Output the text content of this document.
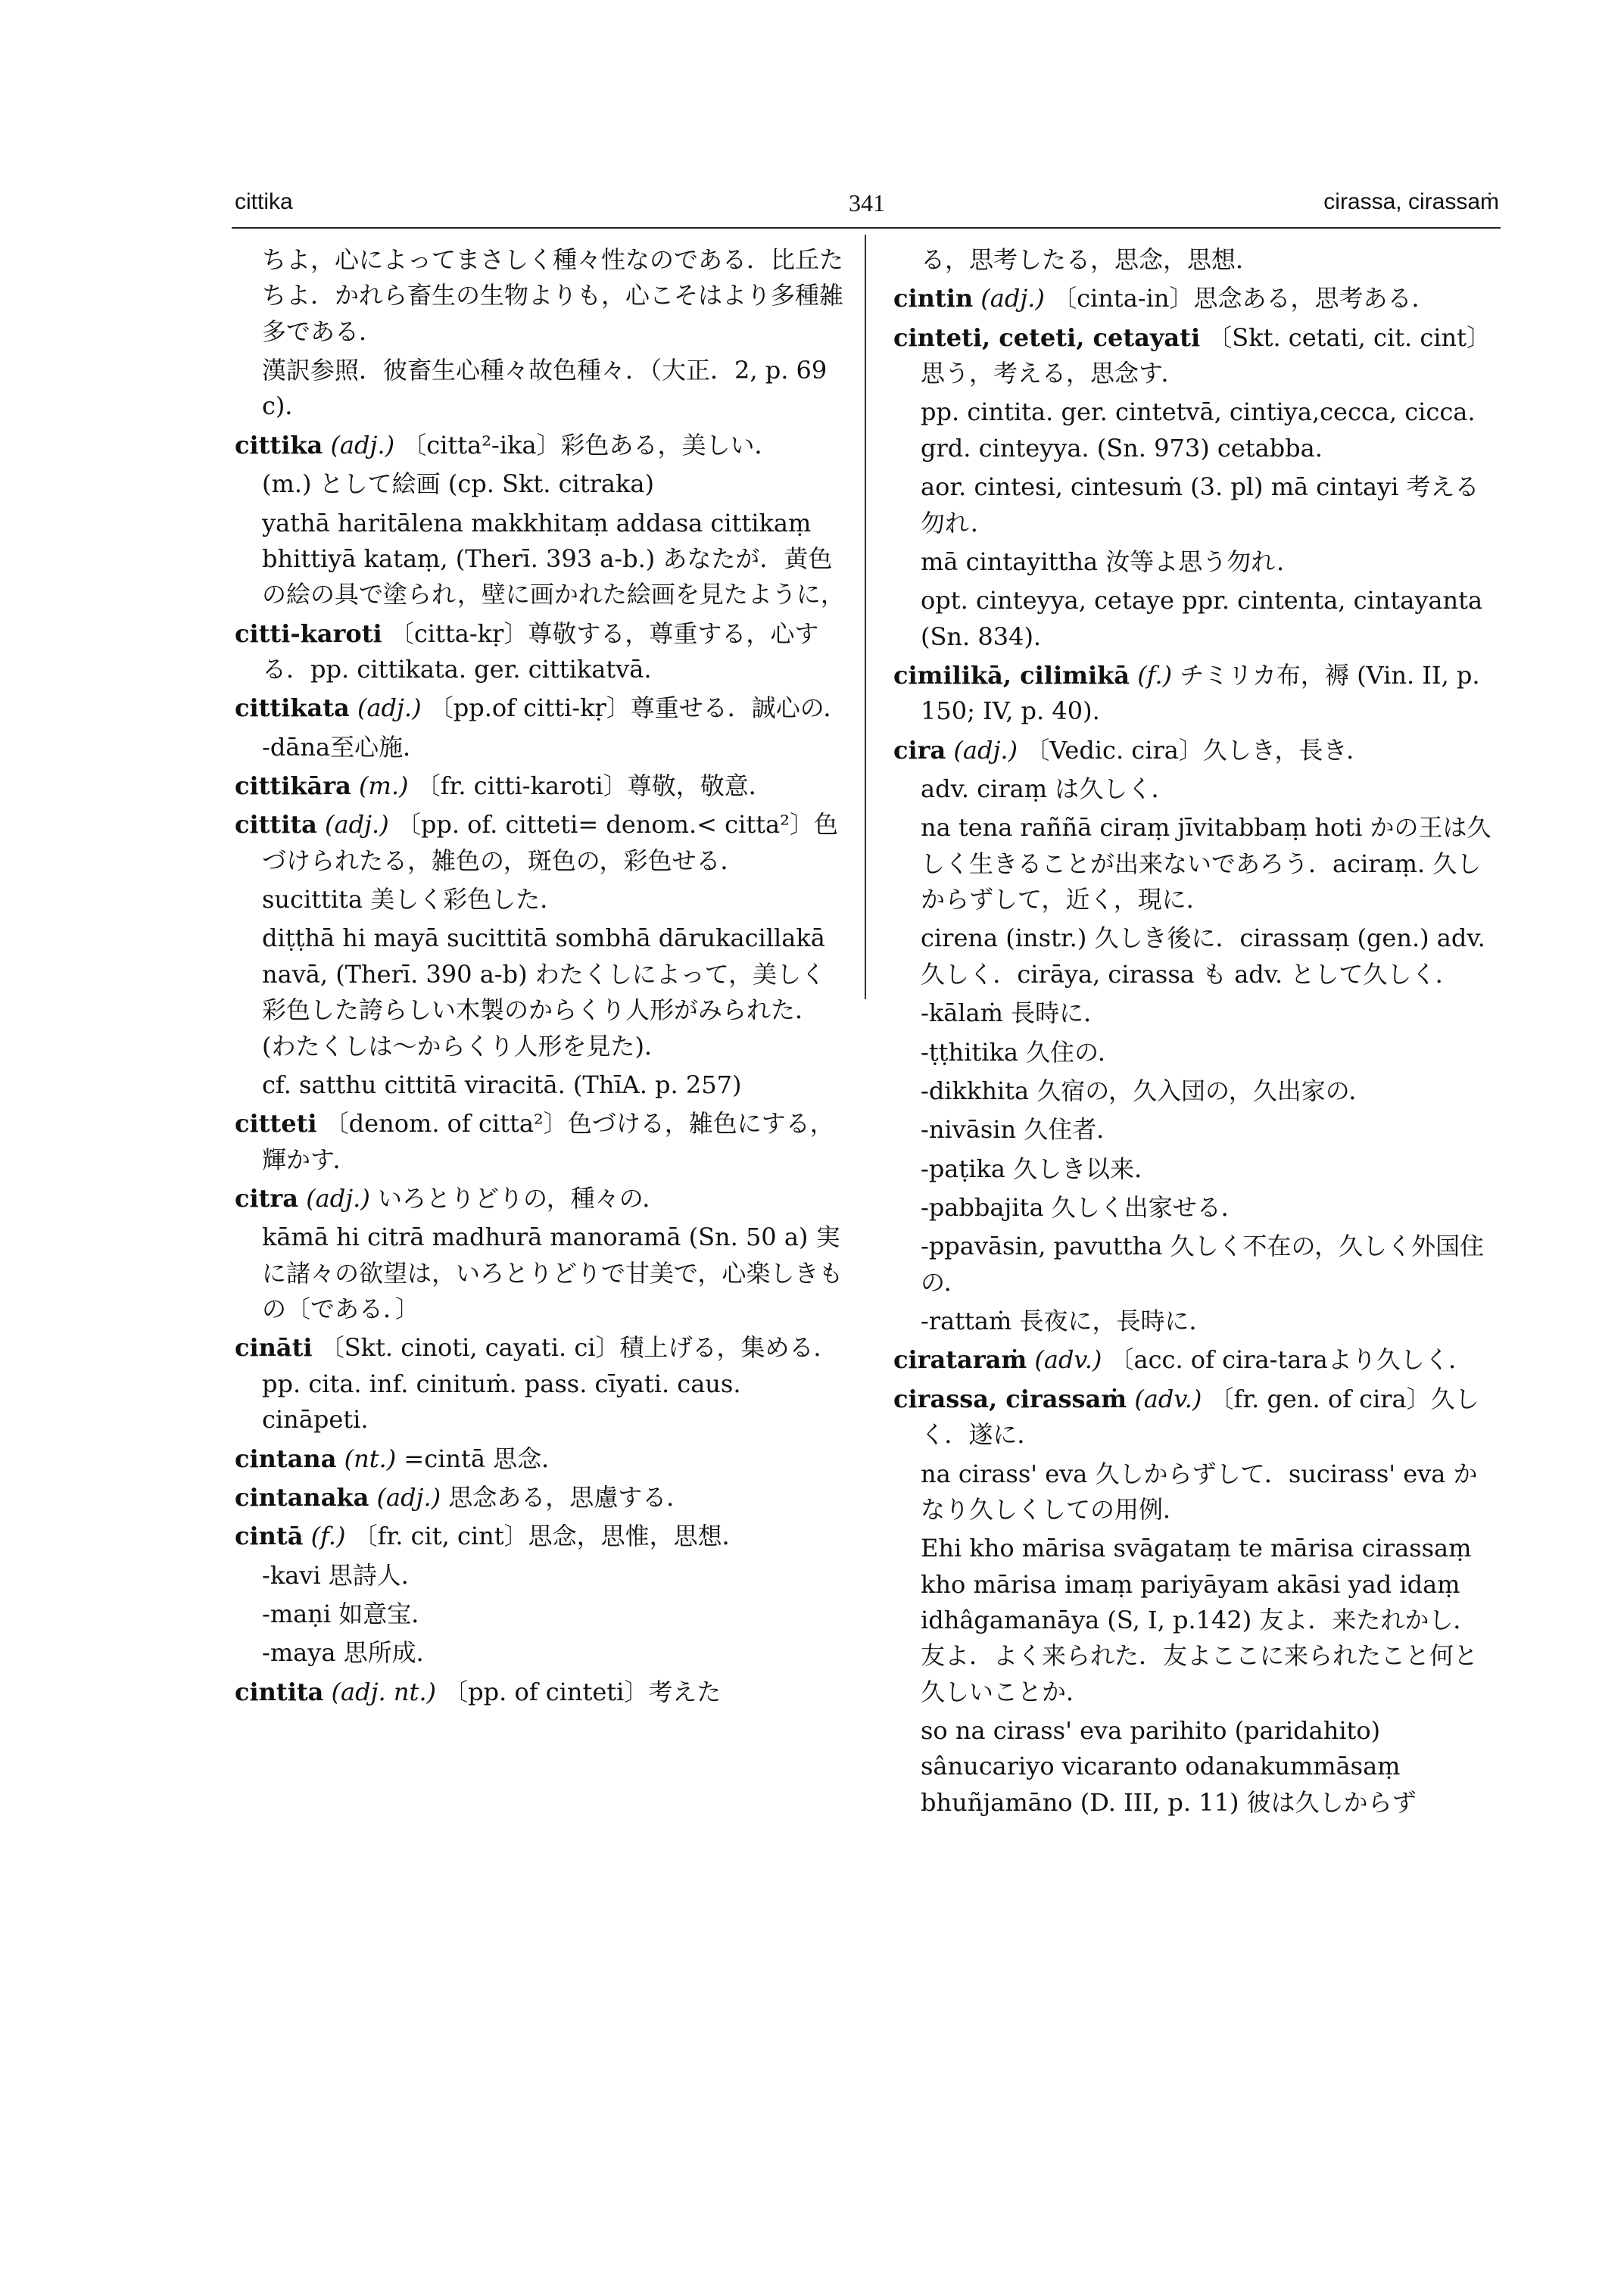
cittika	341	cirassa, cirassaṁ

ちよ，心によってまさしく種々性なのである．比丘たちよ．かれら畜生の生物よりも，心こそはより多種雑多である．

漢訳参照．彼畜生心種々故色種々．（大正．2, p. 69 c)．

cittika (adj.) 〔citta²-ika〕彩色ある，美しい．

(m.) として絵画 (cp. Skt. citraka)

yathā haritālena makkhitaṃ addasa cittikaṃ bhittiyā kataṃ, (Therī. 393 a-b.) あなたが．黄色の絵の具で塗られ，壁に画かれた絵画を見たように，

citti-karoti 〔citta-kṛ〕尊敬する，尊重する，心する．pp. cittikata. ger. cittikatvā.

cittikata (adj.) 〔pp.of citti-kṛ〕尊重せる．誠心の．

-dāna至心施．

cittikāra (m.) 〔fr. citti-karoti〕尊敬，敬意．

cittita (adj.) 〔pp. of. citteti= denom.< citta²〕色づけられたる，雑色の，斑色の，彩色せる．

sucittita 美しく彩色した．

diṭṭhā hi mayā sucittitā sombhā dārukacillakā navā, (Therī. 390 a-b) わたくしによって，美しく彩色した誇らしい木製のからくり人形がみられた．(わたくしは～からくり人形を見た)．

cf. satthu cittitā viracitā. (ThīA. p. 257)

citteti 〔denom. of citta²〕色づける，雑色にする，輝かす．

citra (adj.) いろとりどりの，種々の．

kāmā hi citrā madhurā manoramā (Sn. 50 a) 実に諸々の欲望は，いろとりどりで甘美で，心楽しきもの〔である．〕

cināti 〔Skt. cinoti, cayati. ci〕積上げる，集める．pp. cita. inf. cinituṁ. pass. cīyati. caus. cināpeti.

cintana (nt.) =cintā 思念．

cintanaka (adj.) 思念ある，思慮する．

cintā (f.) 〔fr. cit, cint〕思念，思惟，思想．

-kavi 思詩人．

-maṇi 如意宝．

-maya 思所成．

cintita (adj. nt.) 〔pp. of cinteti〕考えた

る，思考したる，思念，思想．

cintin (adj.) 〔cinta-in〕思念ある，思考ある．

cinteti, ceteti, cetayati 〔Skt. cetati, cit. cint〕思う，考える，思念す．

pp. cintita. ger. cintetvā, cintiya,cecca, cicca. grd. cinteyya. (Sn. 973) cetabba.

aor. cintesi, cintesuṁ (3. pl) mā cintayi 考える勿れ．

mā cintayittha 汝等よ思う勿れ．

opt. cinteyya, cetaye ppr. cintenta, cintayanta (Sn. 834).

cimilikā, cilimikā (f.) チミリカ布，褥 (Vin. II, p. 150; IV, p. 40).

cira (adj.) 〔Vedic. cira〕久しき，長き．

adv. ciraṃ は久しく．

na tena raññā ciraṃ jīvitabbaṃ hoti かの王は久しく生きることが出来ないであろう．aciraṃ. 久しからずして，近く，現に．

cirena (instr.) 久しき後に．cirassaṃ (gen.) adv. 久しく．cirāya, cirassa も adv. として久しく．

-kālaṁ 長時に．

-ṭṭhitika 久住の．

-dikkhita 久宿の，久入団の，久出家の．

-nivāsin 久住者．

-paṭika 久しき以来．

-pabbajita 久しく出家せる．

-ppavāsin, pavuttha 久しく不在の，久しく外国住の．

-rattaṁ 長夜に，長時に．

ciratarаṁ (adv.) 〔acc. of cira-taraより久しく．

cirassa, cirassaṁ (adv.) 〔fr. gen. of cira〕久しく．遂に．

na cirass' eva 久しからずして．sucirass' eva かなり久しくしての用例．

Ehi kho mārisa svāgataṃ te mārisa cirassaṃ kho mārisa imaṃ pariyāyam akāsi yad idaṃ idhâgamanāya (S, I, p.142) 友よ．来たれかし．友よ．よく来られた．友よここに来られたこと何と久しいことか．

so na cirass' eva parihito (paridahito) sânucariyo vicaranto odanakummāsaṃ bhuñjamāno (D. III, p. 11) 彼は久しからず
